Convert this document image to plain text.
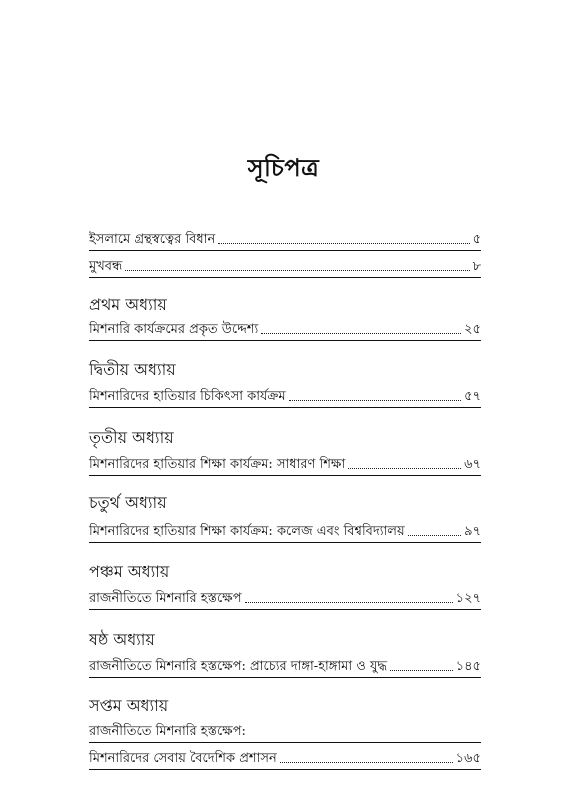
সূচিপত্র
ইসলামে গ্রন্থস্বত্বের বিধান	৫
মুখবন্ধ	৮
প্রথম অধ্যায়
মিশনারি কার্যক্রমের প্রকৃত উদ্দেশ্য	২৫
দ্বিতীয় অধ্যায়
মিশনারিদের হাতিয়ার চিকিৎসা কার্যক্রম	৫৭
তৃতীয় অধ্যায়
মিশনারিদের হাতিয়ার শিক্ষা কার্যক্রম: সাধারণ শিক্ষা	৬৭
চতুর্থ অধ্যায়
মিশনারিদের হাতিয়ার শিক্ষা কার্যক্রম: কলেজ এবং বিশ্ববিদ্যালয়	৯৭
পঞ্চম অধ্যায়
রাজনীতিতে মিশনারি হস্তক্ষেপ	১২৭
ষষ্ঠ অধ্যায়
রাজনীতিতে মিশনারি হস্তক্ষেপ: প্রাচ্যের দাঙ্গা-হাঙ্গামা ও যুদ্ধ	১৪৫
সপ্তম অধ্যায়
রাজনীতিতে মিশনারি হস্তক্ষেপ:
মিশনারিদের সেবায় বৈদেশিক প্রশাসন	১৬৫
